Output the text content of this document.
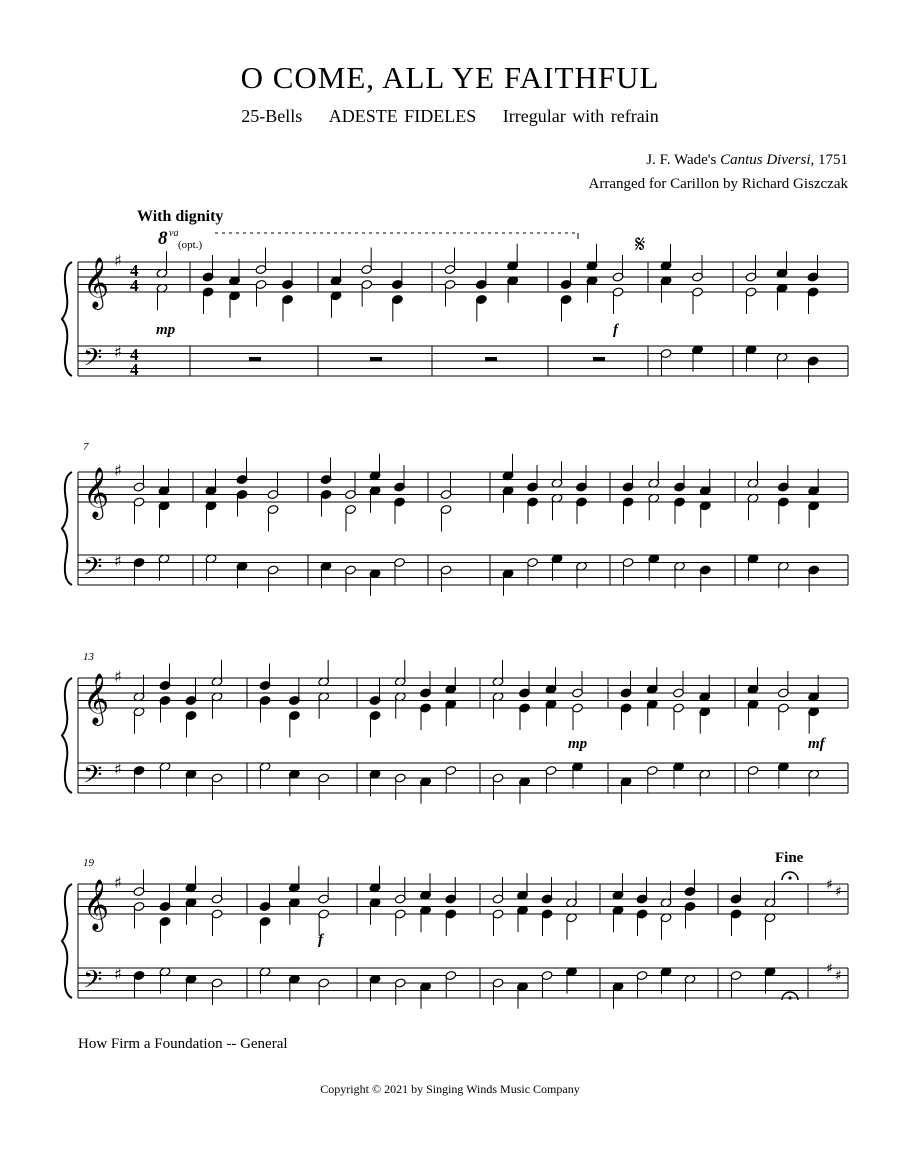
O COME, ALL YE FAITHFUL
25-Bells ADESTE FIDELES Irregular with refrain
J. F. Wade's Cantus Diversi, 1751
Arranged for Carillon by Richard Giszczak
With dignity
How Firm a Foundation -- General
Copyright © 2021 by Singing Winds Music Company
8 va
(opt.)	𝄋
Fine
7
13
19
mp	f
mp	mf
f
𝄞 ♯
4
4
𝄢 ♯ 4
4
𝄞 ♯
𝄢 ♯
𝄞 ♯
𝄢 ♯
𝄞 ♯
𝄢 ♯
♯ ♯
♯ ♯
